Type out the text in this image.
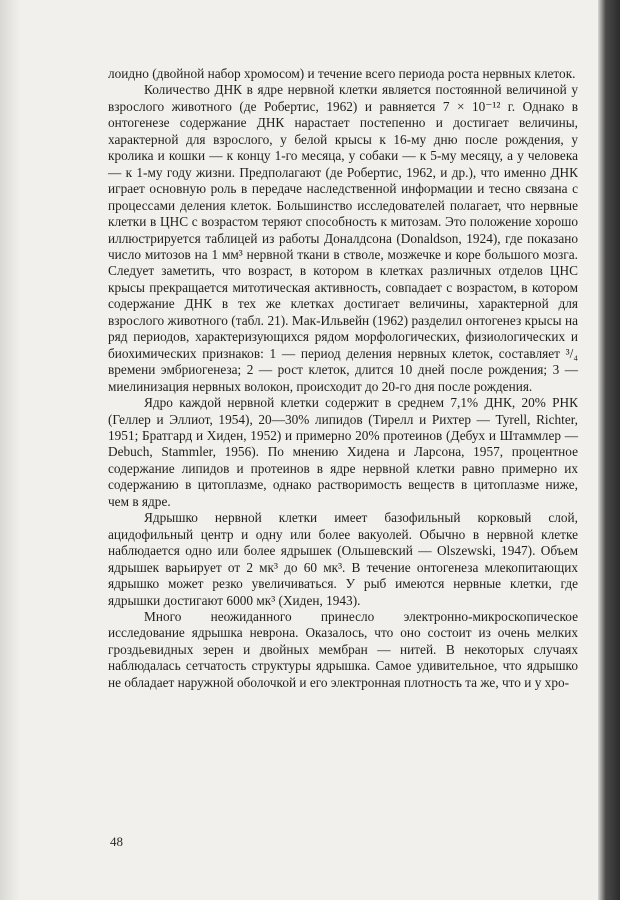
лоидно (двойной набор хромосом) и течение всего периода роста нервных клеток.

Количество ДНК в ядре нервной клетки является постоянной величиной у взрослого животного (де Робертис, 1962) и равняется 7 × 10⁻¹² г. Однако в онтогенезе содержание ДНК нарастает постепенно и достигает величины, характерной для взрослого, у белой крысы к 16-му дню после рождения, у кролика и кошки — к концу 1-го месяца, у собаки — к 5-му месяцу, а у человека — к 1-му году жизни. Предполагают (де Робертис, 1962, и др.), что именно ДНК играет основную роль в передаче наследственной информации и тесно связана с процессами деления клеток. Большинство исследователей полагает, что нервные клетки в ЦНС с возрастом теряют способность к митозам. Это положение хорошо иллюстрируется таблицей из работы Доналдсона (Donaldson, 1924), где показано число митозов на 1 мм³ нервной ткани в стволе, мозжечке и коре большого мозга. Следует заметить, что возраст, в котором в клетках различных отделов ЦНС крысы прекращается митотическая активность, совпадает с возрастом, в котором содержание ДНК в тех же клетках достигает величины, характерной для взрослого животного (табл. 21). Мак-Ильвейн (1962) разделил онтогенез крысы на ряд периодов, характеризующихся рядом морфологических, физиологических и биохимических признаков: 1 — период деления нервных клеток, составляет ³/₄ времени эмбриогенеза; 2 — рост клеток, длится 10 дней после рождения; 3 — миелинизация нервных волокон, происходит до 20-го дня после рождения.

Ядро каждой нервной клетки содержит в среднем 7,1% ДНК, 20% РНК (Геллер и Эллиот, 1954), 20—30% липидов (Тирелл и Рихтер — Tyrell, Richter, 1951; Братгард и Хиден, 1952) и примерно 20% протеинов (Дебух и Штаммлер — Debuch, Stammler, 1956). По мнению Хидена и Ларсона, 1957, процентное содержание липидов и протеинов в ядре нервной клетки равно примерно их содержанию в цитоплазме, однако растворимость веществ в цитоплазме ниже, чем в ядре.

Ядрышко нервной клетки имеет базофильный корковый слой, ацидофильный центр и одну или более вакуолей. Обычно в нервной клетке наблюдается одно или более ядрышек (Ольшевский — Olszewski, 1947). Объем ядрышек варьирует от 2 мк³ до 60 мк³. В течение онтогенеза млекопитающих ядрышко может резко увеличиваться. У рыб имеются нервные клетки, где ядрышки достигают 6000 мк³ (Хиден, 1943).

Много неожиданного принесло электронно-микроскопическое исследование ядрышка неврона. Оказалось, что оно состоит из очень мелких гроздьевидных зерен и двойных мембран — нитей. В некоторых случаях наблюдалась сетчатость структуры ядрышка. Самое удивительное, что ядрышко не обладает наружной оболочкой и его электронная плотность та же, что и у хро-

48
